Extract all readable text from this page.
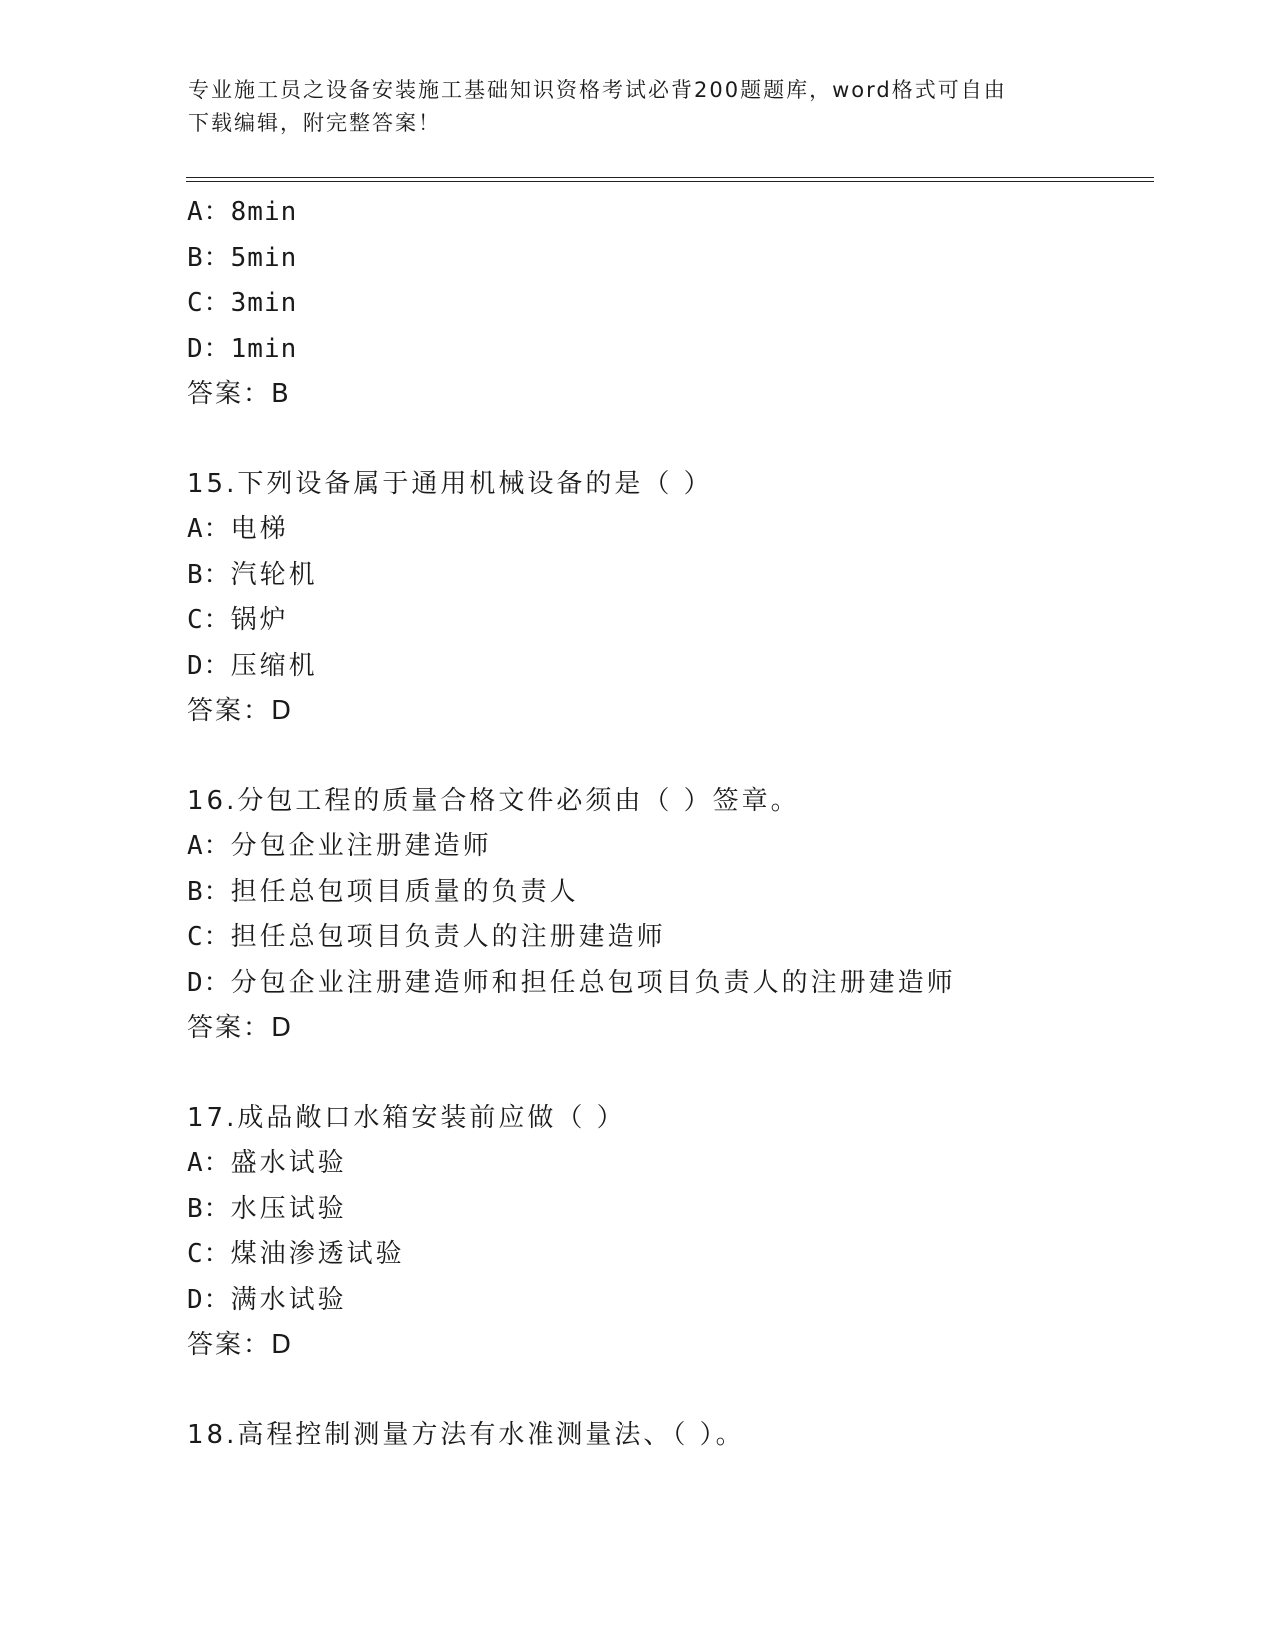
专业施工员之设备安装施工基础知识资格考试必背200题题库，word格式可自由
下载编辑，附完整答案！
A：8min
B：5min
C：3min
D：1min
答案：B
15.下列设备属于通用机械设备的是（ ）
A：电梯
B：汽轮机
C：锅炉
D：压缩机
答案：D
16.分包工程的质量合格文件必须由（ ）签章。
A：分包企业注册建造师
B：担任总包项目质量的负责人
C：担任总包项目负责人的注册建造师
D：分包企业注册建造师和担任总包项目负责人的注册建造师
答案：D
17.成品敞口水箱安装前应做（ ）
A：盛水试验
B：水压试验
C：煤油渗透试验
D：满水试验
答案：D
18.高程控制测量方法有水准测量法、（ ）。
